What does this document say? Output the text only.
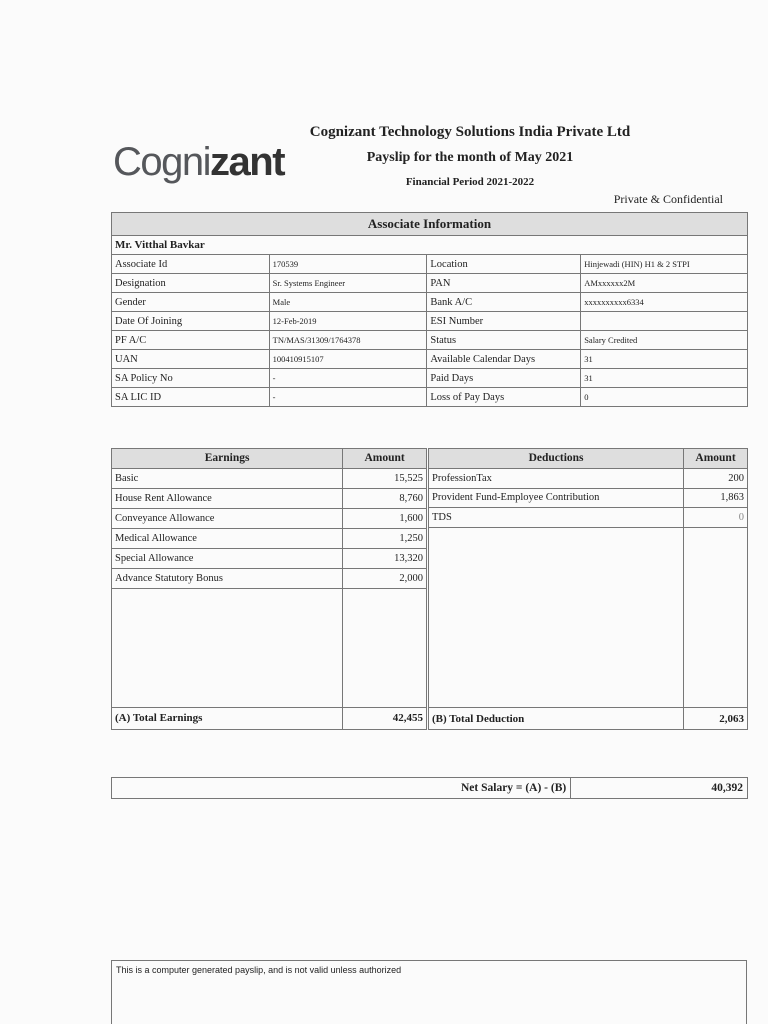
Cognizant
Cognizant Technology Solutions India Private Ltd
Payslip for the month of May 2021
Financial Period 2021-2022
Private & Confidential
Associate Information			
Mr. Vitthal Bavkar			
Associate Id	170539	Location	Hinjewadi (HIN) H1 & 2 STPI
Designation	Sr. Systems Engineer	PAN	AMxxxxxx2M
Gender	Male	Bank A/C	xxxxxxxxxx6334
Date Of Joining	12-Feb-2019	ESI Number	
PF A/C	TN/MAS/31309/1764378	Status	Salary Credited
UAN	100410915107	Available Calendar Days	31
SA Policy No	-	Paid Days	31
SA LIC ID	-	Loss of Pay Days	0
Earnings	Amount
Basic	15,525
House Rent Allowance	8,760
Conveyance Allowance	1,600
Medical Allowance	1,250
Special Allowance	13,320
Advance Statutory Bonus	2,000

(A) Total Earnings	42,455
Deductions	Amount
ProfessionTax	200
Provident Fund-Employee Contribution	1,863
TDS	0

(B) Total Deduction	2,063
Net Salary = (A) - (B)	40,392
This is a computer generated payslip, and is not valid unless authorized
